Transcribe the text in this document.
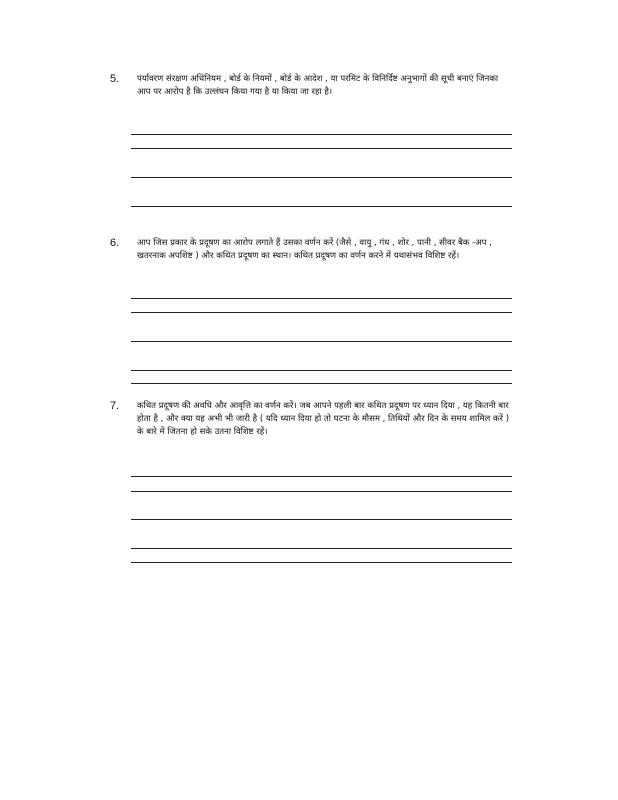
5. पर्यावरण संरक्षण अधिनियम , बोर्ड के नियमों , बोर्ड के आदेश , या परमिट के विनिर्दिष्ट अनुभागों की सूची बनाएं जिनका आप पर आरोप है कि उल्लंघन किया गया है या किया जा रहा है।
6. आप जिस प्रकार के प्रदूषण का आरोप लगाते हैं उसका वर्णन करें (जैसे , वायु , गंध , शोर , पानी , सीवर बैक -अप , खतरनाक अपशिष्ट ) और कथित प्रदूषण का स्थान। कथित प्रदूषण का वर्णन करने में यथासंभव विशिष्ट रहें।
7. कथित प्रदूषण की अवधि और आवृत्ति का वर्णन करें। जब आपने पहली बार कथित प्रदूषण पर ध्यान दिया , यह कितनी बार होता है , और क्या यह अभी भी जारी है ( यदि ध्यान दिया हो तो घटना के मौसम , तिथियों और दिन के समय शामिल करें ) के बारे में जितना हो सके उतना विशिष्ट रहें।
